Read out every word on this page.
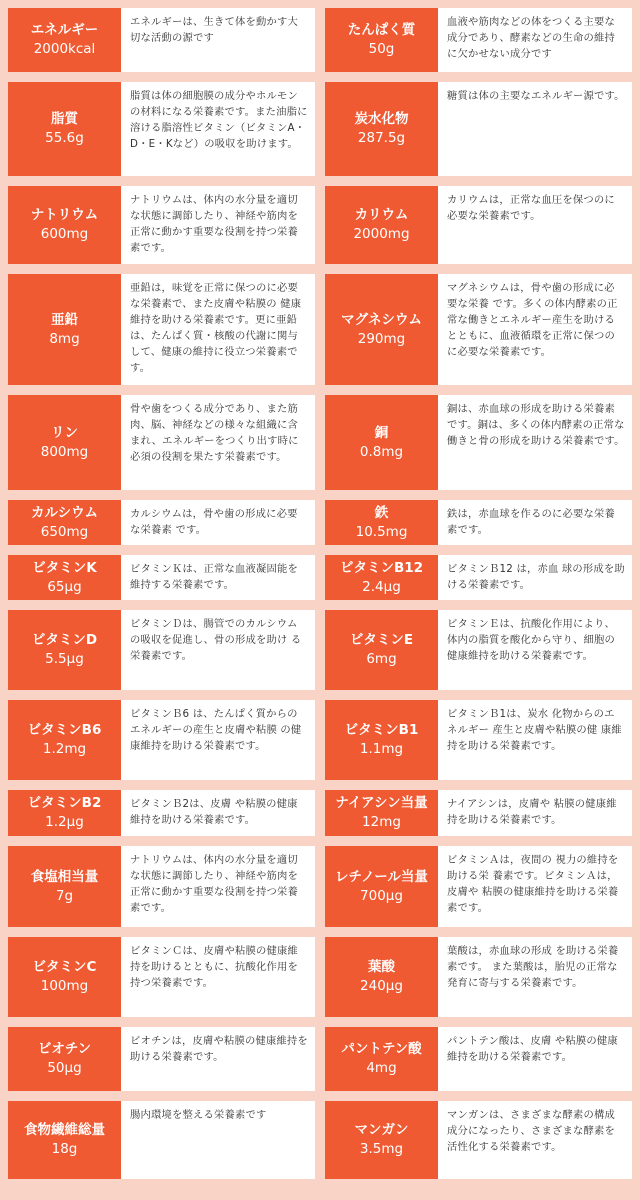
エネルギー
2000kcal
エネルギーは、生きて体を動かす大切な活動の源です	たんぱく質
50g
血液や筋肉などの体をつくる主要な成分であり、酵素などの生命の維持に欠かせない成分です
脂質
55.6g
脂質は体の細胞膜の成分やホルモンの材料になる栄養素です。また油脂に溶ける脂溶性ビタミン（ビタミンA・D・E・Kなど）の吸収を助けます。
炭水化物
287.5g
糖質は体の主要なエネルギー源です。
ナトリウム
600mg
ナトリウムは、体内の水分量を適切な状態に調節したり、神経や筋肉を正常に動かす重要な役割を持つ栄養素です。
カリウム
2000mg
カリウムは，正常な血圧を保つのに必要な栄養素です。
亜鉛
8mg
亜鉛は，味覚を正常に保つのに必要な栄養素で、また皮膚や粘膜の 健康維持を助ける栄養素です。更に亜鉛は、たんぱく質・核酸の代謝に関与して、健康の維持に役立つ栄養素です。
マグネシウム
290mg
マグネシウムは，骨や歯の形成に必要な栄養 です。多くの体内酵素の正常な働きとエネルギー産生を助けるとともに、血液循環を正常に保つのに必要な栄養素です。
リン
800mg
骨や歯をつくる成分であり、また筋肉、脳、神経などの様々な組織に含まれ、エネルギーをつくり出す時に必須の役割を果たす栄養素です。
銅
0.8mg
銅は、赤血球の形成を助ける栄養素です。銅は、多くの体内酵素の正常な働きと骨の形成を助ける栄養素です。
カルシウム
650mg
カルシウムは，骨や歯の形成に必要な栄養素 です。
鉄
10.5mg
鉄は，赤血球を作るのに必要な栄養素です。
ビタミンK
65μg
ビタミンＫは、正常な血液凝固能を維持する栄養素です。
ビタミンB12
2.4μg
ビタミンＢ12 は，赤血 球の形成を助ける栄養素です。
ビタミンD
5.5μg
ビタミンＤは、腸管でのカルシウムの吸収を促進し、骨の形成を助け る栄養素です。
ビタミンE
6mg
ビタミンＥは、抗酸化作用により、体内の脂質を酸化から守り、細胞の 健康維持を助ける栄養素です。
ビタミンB6
1.2mg
ビタミンＢ6 は、たんぱく質からのエネルギーの産生と皮膚や粘膜 の健康維持を助ける栄養素です。
ビタミンB1
1.1mg
ビタミンＢ1は、炭水 化物からのエネルギー 産生と皮膚や粘膜の健 康維持を助ける栄養素です。
ビタミンB2
1.2μg
ビタミンＢ2は、皮膚 や粘膜の健康維持を助ける栄養素です。
ナイアシン当量
12mg
ナイアシンは，皮膚や 粘膜の健康維持を助ける栄養素です。
食塩相当量
7g
ナトリウムは、体内の水分量を適切な状態に調節したり、神経や筋肉を正常に動かす重要な役割を持つ栄養素です。
レチノール当量
700μg
ビタミンＡは，夜間の 視力の維持を助ける栄 養素です。ビタミンＡは，皮膚や 粘膜の健康維持を助ける栄養素です。
ビタミンC
100mg
ビタミンＣは、皮膚や粘膜の健康維持を助けるとともに、抗酸化作用を持つ栄養素です。
葉酸
240μg
葉酸は，赤血球の形成 を助ける栄養素です。 また葉酸は，胎児の正常な発育に寄与する栄養素です。
ビオチン
50μg
ビオチンは，皮膚や粘膜の健康維持を助ける栄養素です。	パントテン酸
4mg
パントテン酸は、皮膚 や粘膜の健康維持を助ける栄養素です。
食物繊維総量
18g
腸内環境を整える栄養素です
マンガン
3.5mg
マンガンは、さまざまな酵素の構成成分になったり、さまざまな酵素を活性化する栄養素です。
